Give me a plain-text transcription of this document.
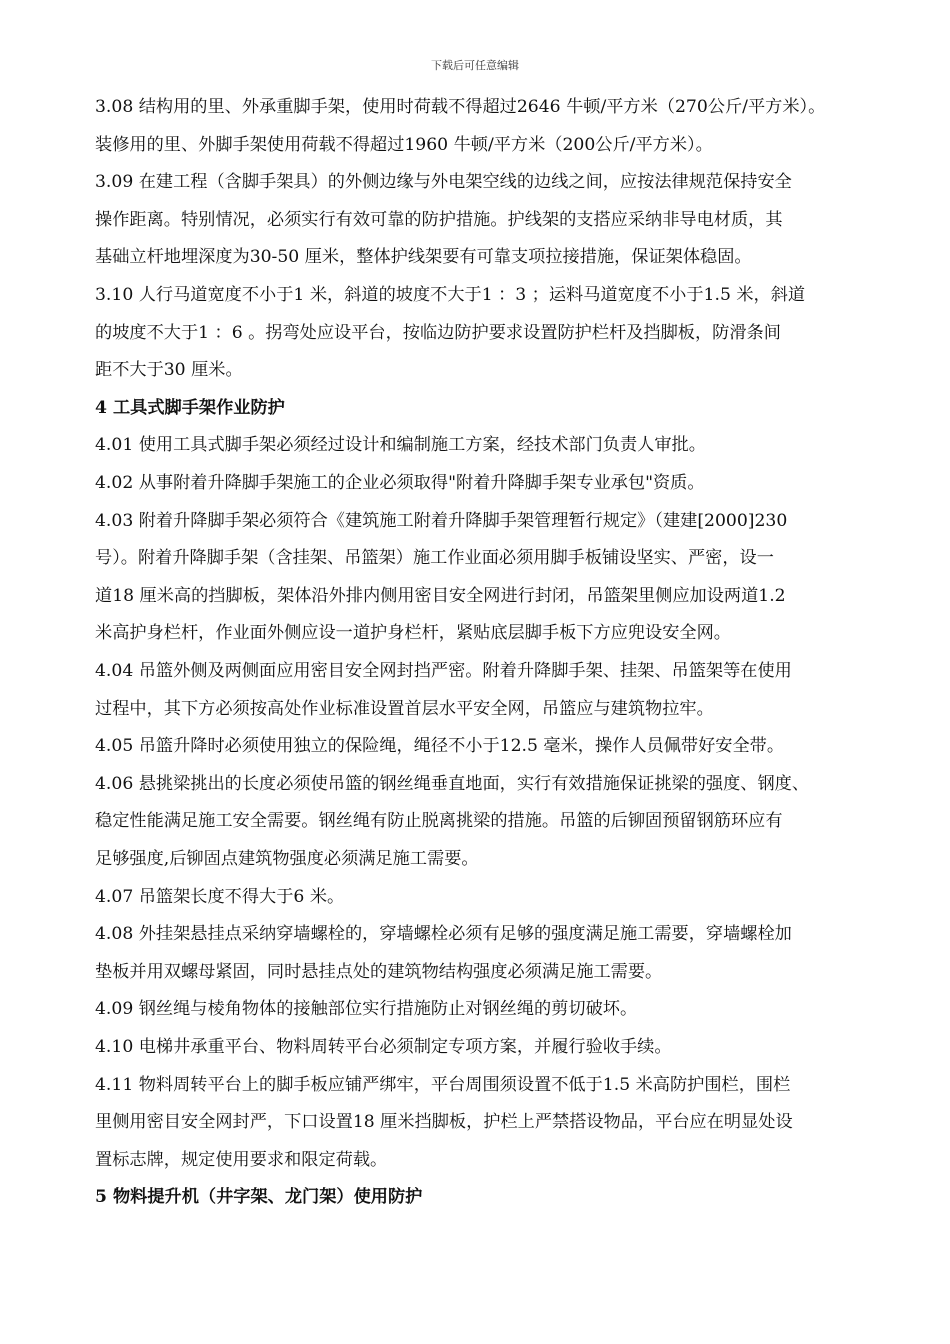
下载后可任意编辑
3.08 结构用的里、外承重脚手架，使用时荷载不得超过2646 牛顿/平方米（270公斤/平方米）。
装修用的里、外脚手架使用荷载不得超过1960 牛顿/平方米（200公斤/平方米）。
3.09 在建工程（含脚手架具）的外侧边缘与外电架空线的边线之间，应按法律规范保持安全
操作距离。特别情况，必须实行有效可靠的防护措施。护线架的支搭应采纳非导电材质，其
基础立杆地埋深度为30-50 厘米，整体护线架要有可靠支项拉接措施，保证架体稳固。
3.10 人行马道宽度不小于1 米，斜道的坡度不大于1 ：3 ；运料马道宽度不小于1.5 米，斜道
的坡度不大于1 ：6 。拐弯处应设平台，按临边防护要求设置防护栏杆及挡脚板，防滑条间
距不大于30 厘米。
4 工具式脚手架作业防护
4.01 使用工具式脚手架必须经过设计和编制施工方案，经技术部门负责人审批。
4.02 从事附着升降脚手架施工的企业必须取得"附着升降脚手架专业承包"资质。
4.03 附着升降脚手架必须符合《建筑施工附着升降脚手架管理暂行规定》（建建[2000]230
号）。附着升降脚手架（含挂架、吊篮架）施工作业面必须用脚手板铺设坚实、严密，设一
道18 厘米高的挡脚板，架体沿外排内侧用密目安全网进行封闭，吊篮架里侧应加设两道1.2
米高护身栏杆，作业面外侧应设一道护身栏杆，紧贴底层脚手板下方应兜设安全网。
4.04 吊篮外侧及两侧面应用密目安全网封挡严密。附着升降脚手架、挂架、吊篮架等在使用
过程中，其下方必须按高处作业标准设置首层水平安全网，吊篮应与建筑物拉牢。
4.05 吊篮升降时必须使用独立的保险绳，绳径不小于12.5 毫米，操作人员佩带好安全带。
4.06 悬挑梁挑出的长度必须使吊篮的钢丝绳垂直地面，实行有效措施保证挑梁的强度、钢度、
稳定性能满足施工安全需要。钢丝绳有防止脱离挑梁的措施。吊篮的后铆固预留钢筋环应有
足够强度,后铆固点建筑物强度必须满足施工需要。
4.07 吊篮架长度不得大于6 米。
4.08 外挂架悬挂点采纳穿墙螺栓的，穿墙螺栓必须有足够的强度满足施工需要，穿墙螺栓加
垫板并用双螺母紧固，同时悬挂点处的建筑物结构强度必须满足施工需要。
4.09 钢丝绳与棱角物体的接触部位实行措施防止对钢丝绳的剪切破坏。
4.10 电梯井承重平台、物料周转平台必须制定专项方案，并履行验收手续。
4.11 物料周转平台上的脚手板应铺严绑牢，平台周围须设置不低于1.5 米高防护围栏，围栏
里侧用密目安全网封严，下口设置18 厘米挡脚板，护栏上严禁搭设物品，平台应在明显处设
置标志牌，规定使用要求和限定荷载。
5 物料提升机（井字架、龙门架）使用防护
